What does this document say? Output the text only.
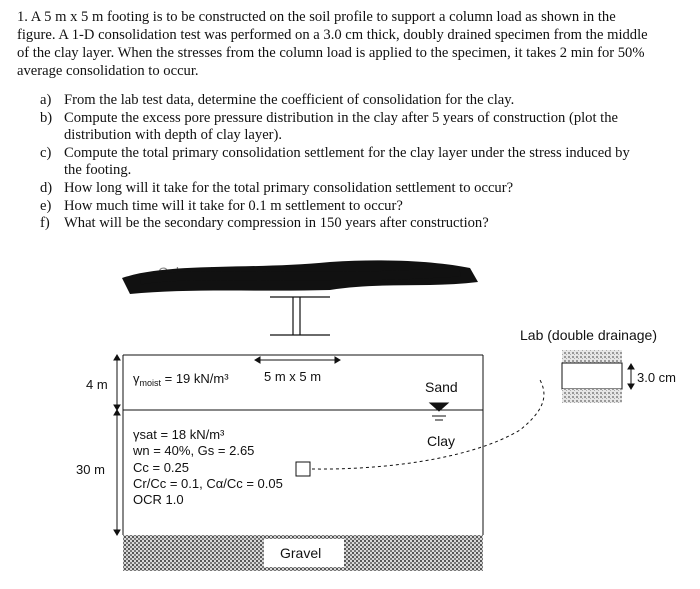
1. A 5 m x 5 m footing is to be constructed on the soil profile to support a column load as shown in the figure. A 1-D consolidation test was performed on a 3.0 cm thick, doubly drained specimen from the middle of the clay layer. When the stresses from the column load is applied to the specimen, it takes 2 min for 50% average consolidation to occur.

a) From the lab test data, determine the coefficient of consolidation for the clay.
b) Compute the excess pore pressure distribution in the clay after 5 years of construction (plot the distribution with depth of clay layer).
c) Compute the total primary consolidation settlement for the clay layer under the stress induced by the footing.
d) How long will it take for the total primary consolidation settlement to occur?
e) How much time will it take for 0.1 m settlement to occur?
f) What will be the secondary compression in 150 years after construction?
5 m x 5 m
Gravel
4 m
30 m
$\gamma_{moist} = 19$ kN/m³
Sand
Clay
3.0 cm
Lab (double drainage)
γsat = 18 kN/m³
wn = 40%, Gs = 2.65
Cc = 0.25
Cr/Cc = 0.1, Cα/Cc = 0.05
OCR 1.0
